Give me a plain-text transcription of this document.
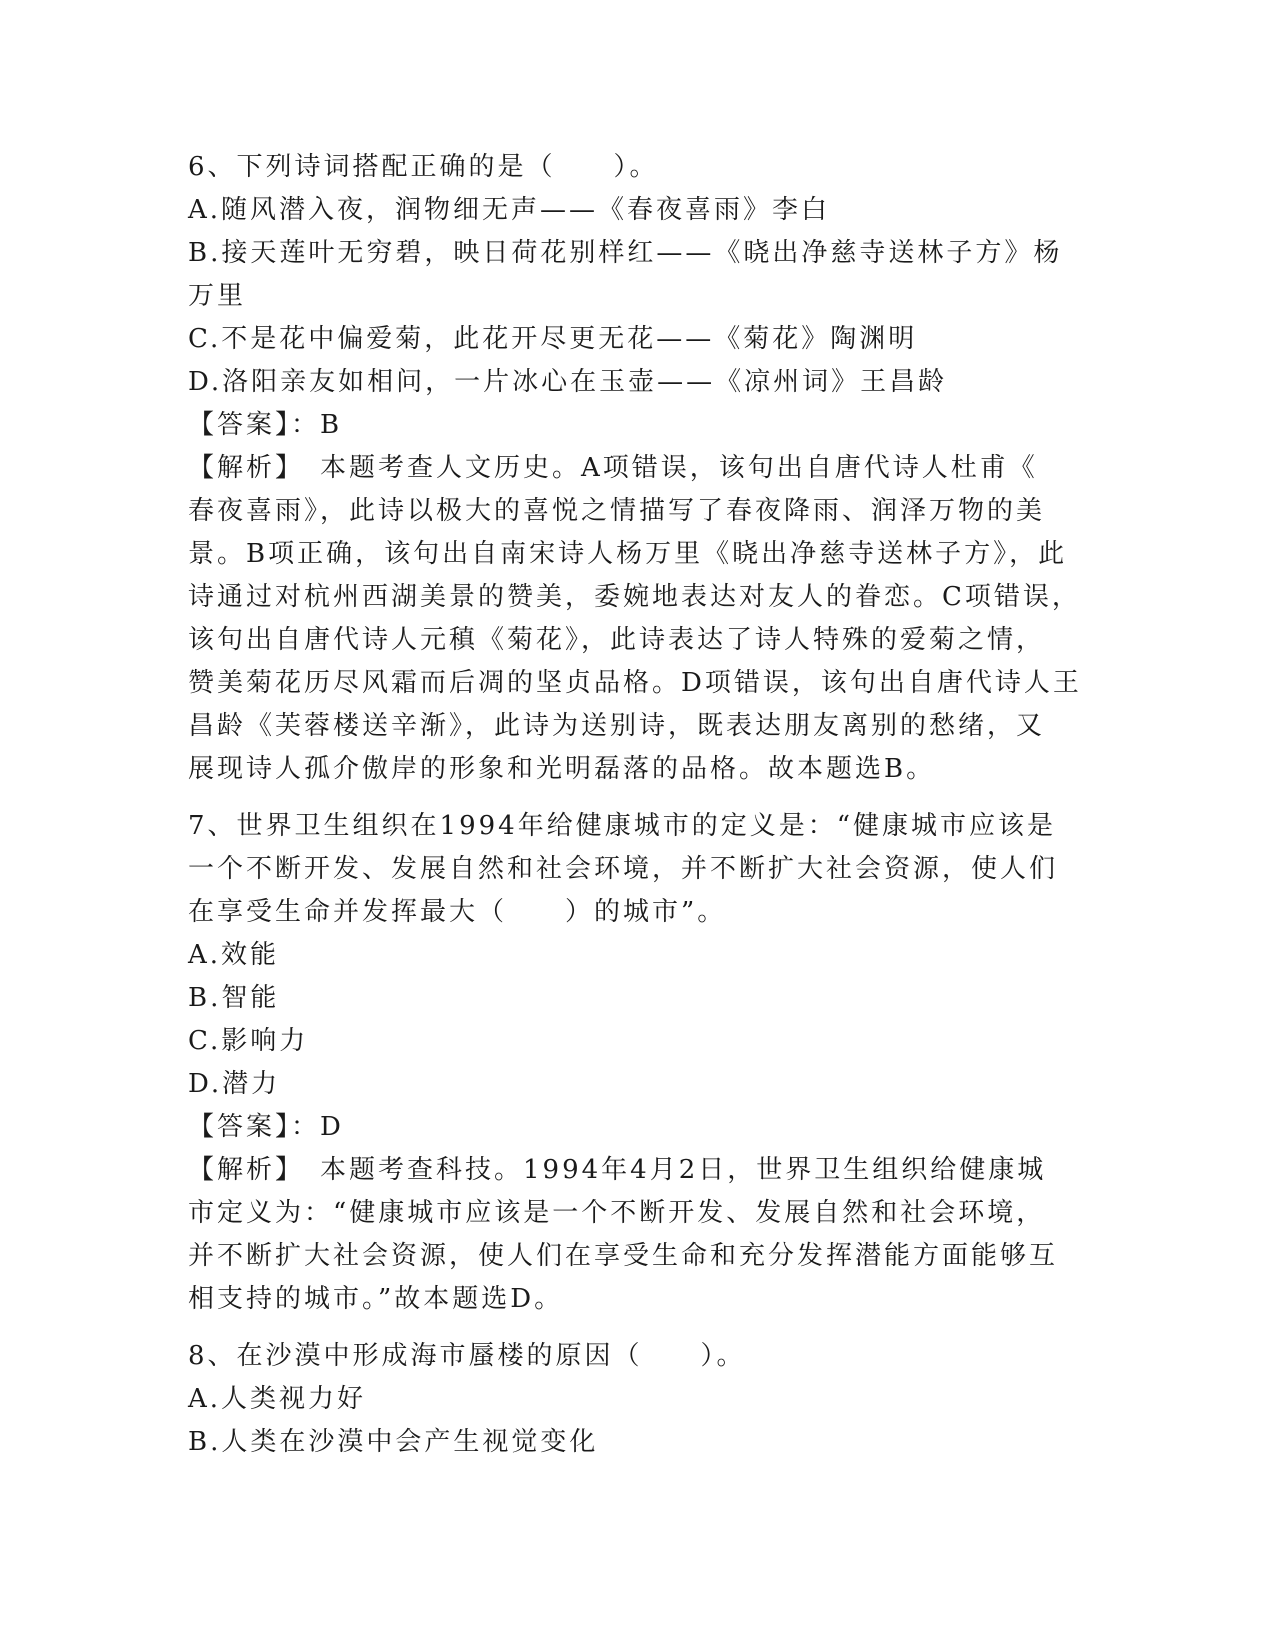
6、下列诗词搭配正确的是（　　）。
A.随风潜入夜，润物细无声——《春夜喜雨》李白
B.接天莲叶无穷碧，映日荷花别样红——《晓出净慈寺送林子方》杨
万里
C.不是花中偏爱菊，此花开尽更无花——《菊花》陶渊明
D.洛阳亲友如相问，一片冰心在玉壶——《凉州词》王昌龄
【答案】：B
【解析】　本题考查人文历史。A项错误，该句出自唐代诗人杜甫《
春夜喜雨》，此诗以极大的喜悦之情描写了春夜降雨、润泽万物的美
景。B项正确，该句出自南宋诗人杨万里《晓出净慈寺送林子方》，此
诗通过对杭州西湖美景的赞美，委婉地表达对友人的眷恋。C项错误，
该句出自唐代诗人元稹《菊花》，此诗表达了诗人特殊的爱菊之情，
赞美菊花历尽风霜而后凋的坚贞品格。D项错误，该句出自唐代诗人王
昌龄《芙蓉楼送辛渐》，此诗为送别诗，既表达朋友离别的愁绪，又
展现诗人孤介傲岸的形象和光明磊落的品格。故本题选B。
7、世界卫生组织在1994年给健康城市的定义是：“健康城市应该是
一个不断开发、发展自然和社会环境，并不断扩大社会资源，使人们
在享受生命并发挥最大（　　）的城市”。
A.效能
B.智能
C.影响力
D.潜力
【答案】：D
【解析】　本题考查科技。1994年4月2日，世界卫生组织给健康城
市定义为：“健康城市应该是一个不断开发、发展自然和社会环境，
并不断扩大社会资源，使人们在享受生命和充分发挥潜能方面能够互
相支持的城市。”故本题选D。
8、在沙漠中形成海市蜃楼的原因（　　）。
A.人类视力好
B.人类在沙漠中会产生视觉变化
